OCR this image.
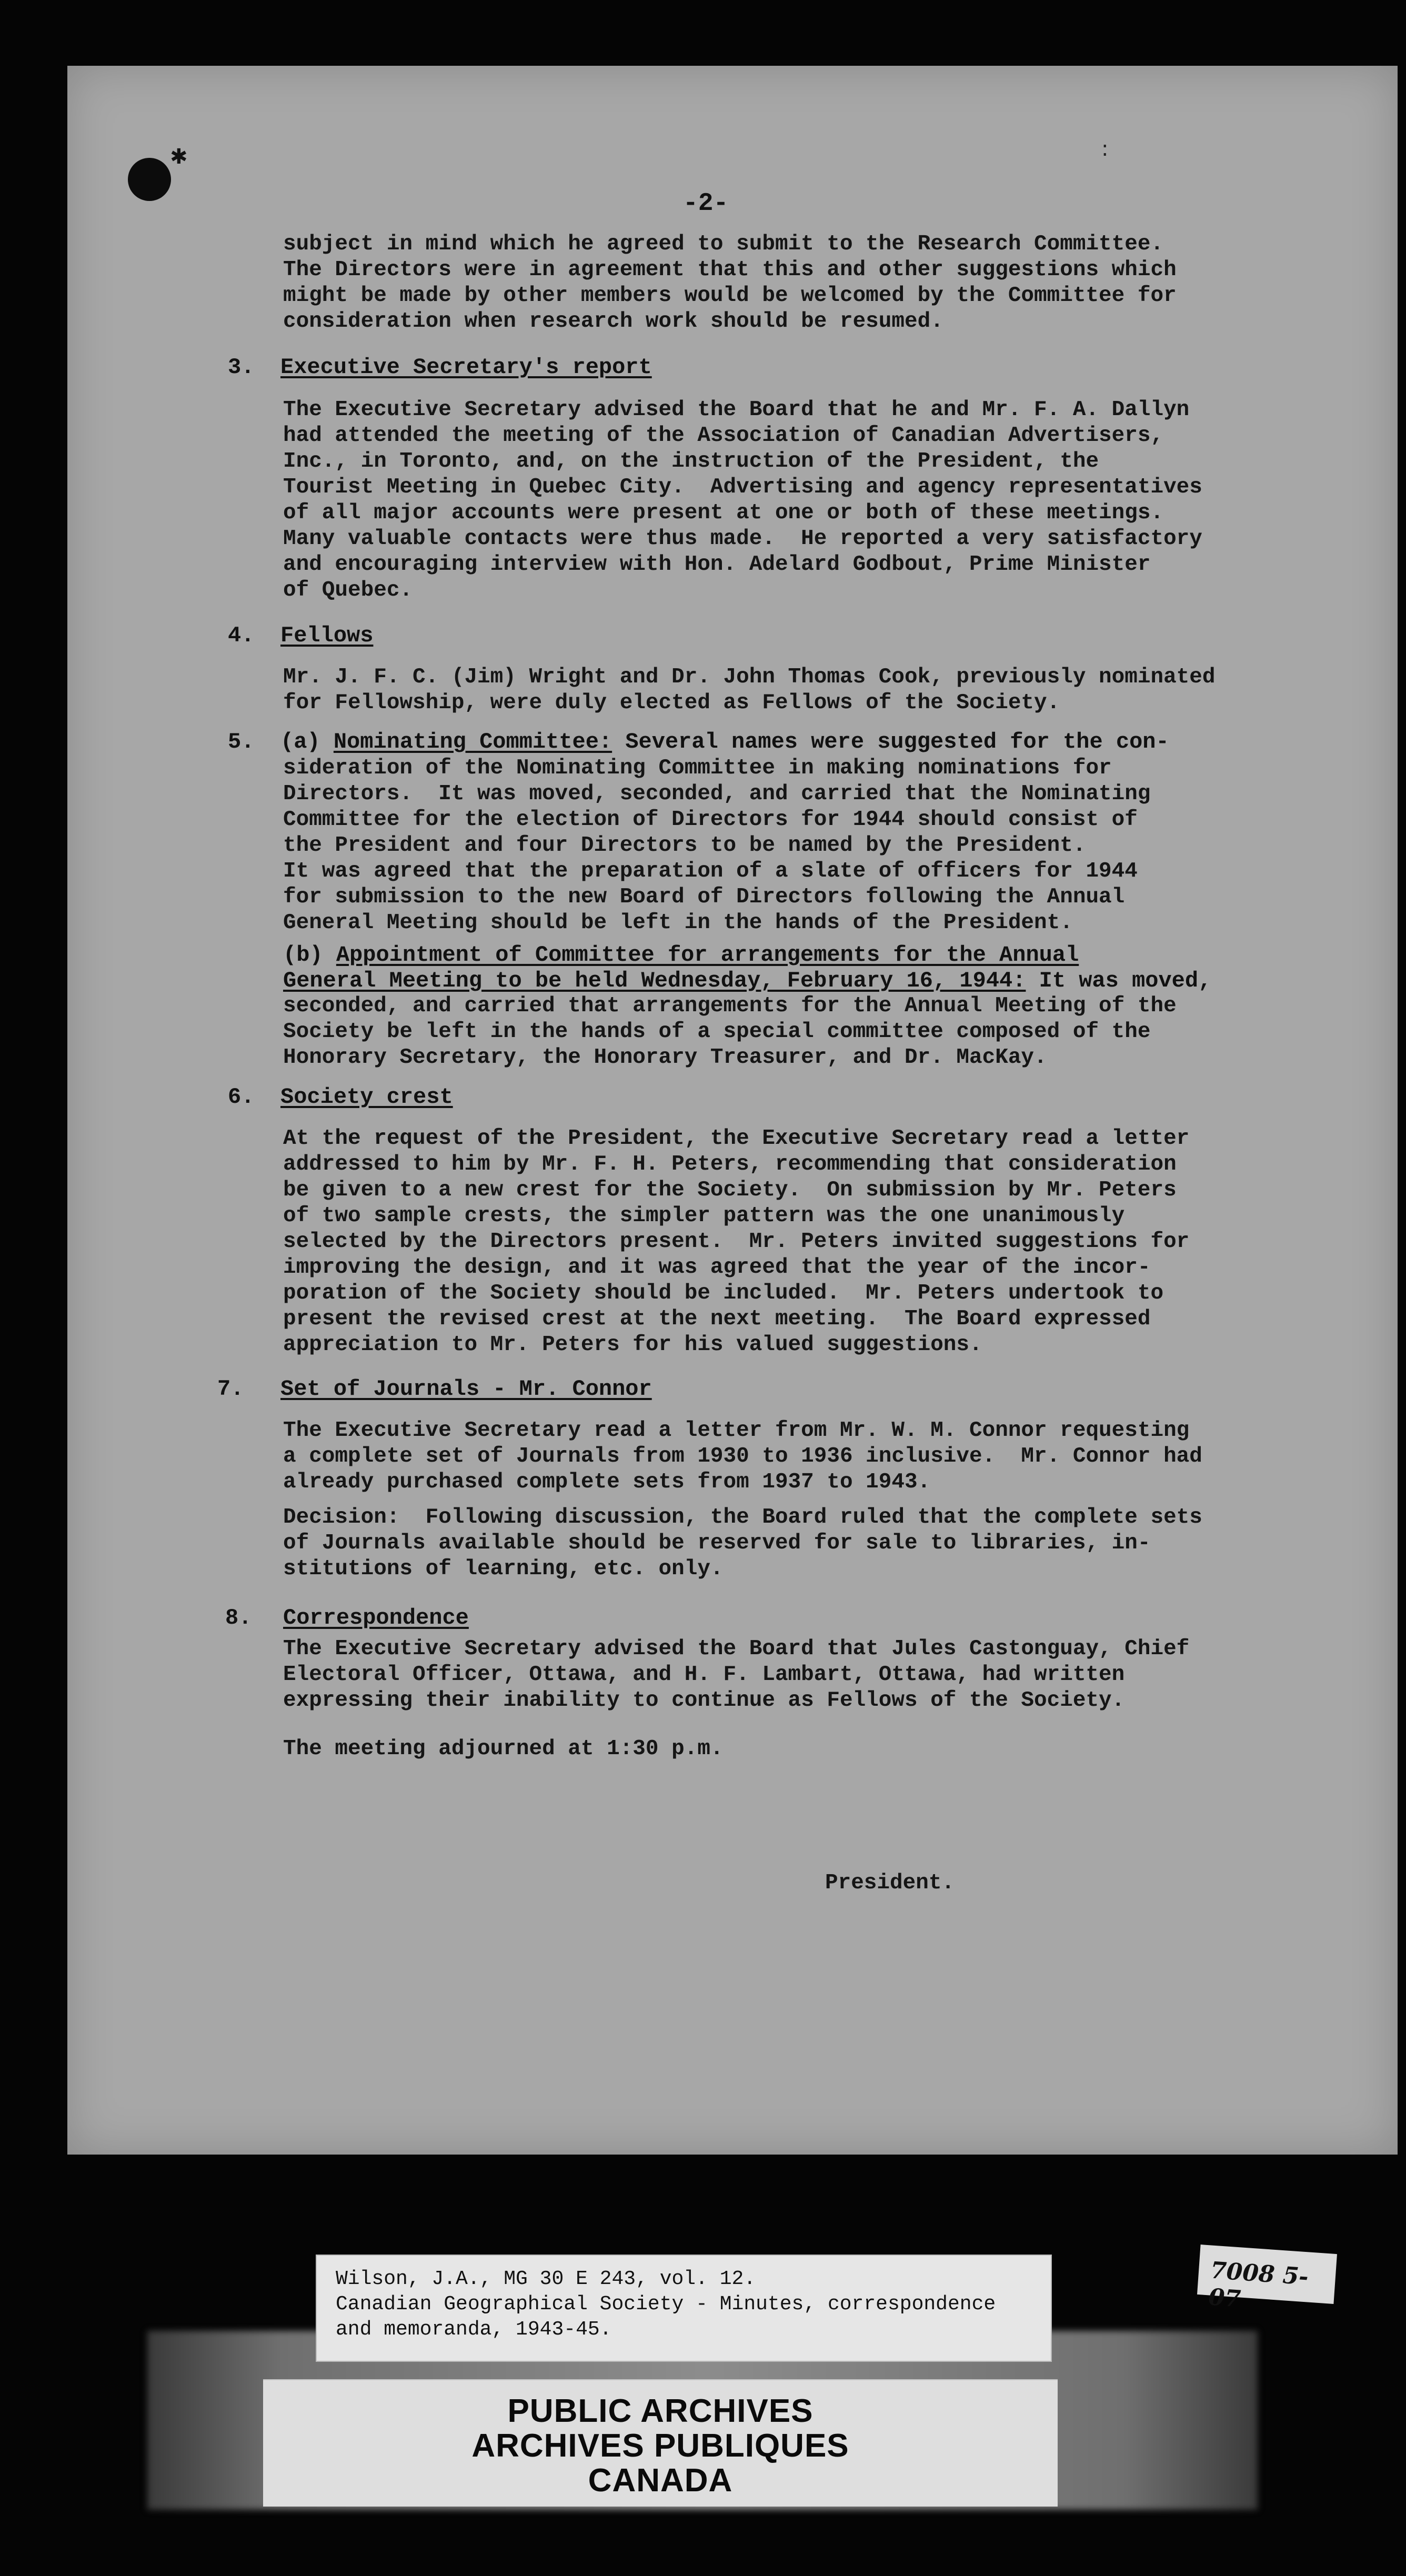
✱	:
-2-

subject in mind which he agreed to submit to the Research Committee.

The Directors were in agreement that this and other suggestions which

might be made by other members would be welcomed by the Committee for

consideration when research work should be resumed.

3. Executive Secretary's report

The Executive Secretary advised the Board that he and Mr. F. A. Dallyn

had attended the meeting of the Association of Canadian Advertisers,

Inc., in Toronto, and, on the instruction of the President, the

Tourist Meeting in Quebec City.  Advertising and agency representatives

of all major accounts were present at one or both of these meetings.

Many valuable contacts were thus made.  He reported a very satisfactory

and encouraging interview with Hon. Adelard Godbout, Prime Minister

of Quebec.

4. Fellows

Mr. J. F. C. (Jim) Wright and Dr. John Thomas Cook, previously nominated

for Fellowship, were duly elected as Fellows of the Society.

5. (a) Nominating Committee: Several names were suggested for the con-

sideration of the Nominating Committee in making nominations for

Directors.  It was moved, seconded, and carried that the Nominating

Committee for the election of Directors for 1944 should consist of

the President and four Directors to be named by the President.

It was agreed that the preparation of a slate of officers for 1944

for submission to the new Board of Directors following the Annual

General Meeting should be left in the hands of the President.

(b) Appointment of Committee for arrangements for the Annual
General Meeting to be held Wednesday, February 16, 1944: It was moved,

seconded, and carried that arrangements for the Annual Meeting of the

Society be left in the hands of a special committee composed of the

Honorary Secretary, the Honorary Treasurer, and Dr. MacKay.

6. Society crest

At the request of the President, the Executive Secretary read a letter

addressed to him by Mr. F. H. Peters, recommending that consideration

be given to a new crest for the Society.  On submission by Mr. Peters

of two sample crests, the simpler pattern was the one unanimously

selected by the Directors present.  Mr. Peters invited suggestions for

improving the design, and it was agreed that the year of the incor-

poration of the Society should be included.  Mr. Peters undertook to

present the revised crest at the next meeting.  The Board expressed

appreciation to Mr. Peters for his valued suggestions.

7. Set of Journals - Mr. Connor

The Executive Secretary read a letter from Mr. W. M. Connor requesting

a complete set of Journals from 1930 to 1936 inclusive.  Mr. Connor had

already purchased complete sets from 1937 to 1943.

Decision:  Following discussion, the Board ruled that the complete sets

of Journals available should be reserved for sale to libraries, in-

stitutions of learning, etc. only.

8. Correspondence

The Executive Secretary advised the Board that Jules Castonguay, Chief

Electoral Officer, Ottawa, and H. F. Lambart, Ottawa, had written

expressing their inability to continue as Fellows of the Society.

The meeting adjourned at 1:30 p.m.

President.

Wilson, J.A., MG 30 E 243, vol. 12.

Canadian Geographical Society - Minutes, correspondence

and memoranda, 1943-45.

PUBLIC ARCHIVES
ARCHIVES PUBLIQUES
CANADA
7008 5-07
